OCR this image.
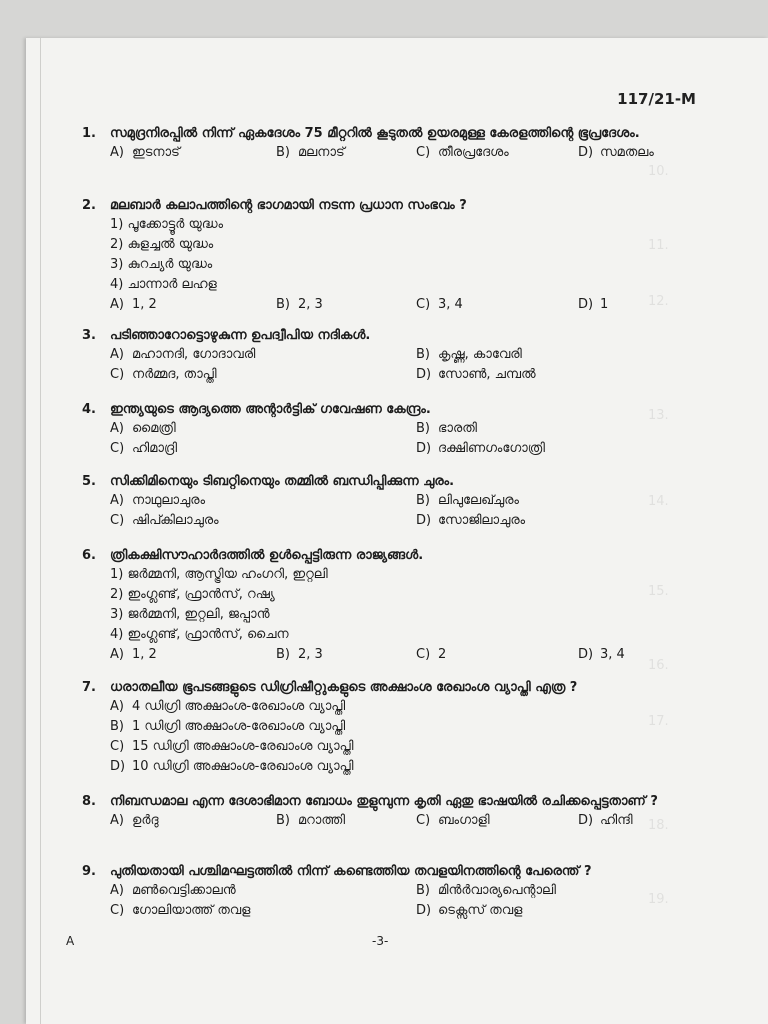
10.
11.
12.
13.
14.
15.
16.
17.
18.
19.
117/21-M
1. സമുദ്രനിരപ്പിൽ നിന്ന് ഏകദേശം 75 മീറ്ററിൽ കൂടുതൽ ഉയരമുള്ള കേരളത്തിന്റെ ഭൂപ്രദേശം.
A) ഇടനാട്	B) മലനാട്	C) തീരപ്രദേശം	D) സമതലം
2. മലബാർ കലാപത്തിന്റെ ഭാഗമായി നടന്ന പ്രധാന സംഭവം ?
1) പൂക്കോട്ടൂർ യുദ്ധം
2) കുളച്ചൽ യുദ്ധം
3) കുറച്യർ യുദ്ധം
4) ചാന്നാർ ലഹള
A) 1, 2	B) 2, 3	C) 3, 4	D) 1
3. പടിഞ്ഞാറോട്ടൊഴുകുന്ന ഉപദ്വീപിയ നദികൾ.
A) മഹാനദി, ഗോദാവരി	B) കൃഷ്ണ, കാവേരി
C) നർമ്മദ, താപ്തി	D) സോൺ, ചമ്പൽ
4. ഇന്ത്യയുടെ ആദ്യത്തെ അന്റാർട്ടിക് ഗവേഷണ കേന്ദ്രം.
A) മൈത്രി	B) ഭാരതി
C) ഹിമാദ്രി	D) ദക്ഷിണഗംഗോത്രി
5. സിക്കിമിനെയും ടിബറ്റിനെയും തമ്മിൽ ബന്ധിപ്പിക്കുന്ന ചുരം.
A) നാഥുലാചുരം	B) ലിപുലേഖ്ചുരം
C) ഷിപ്കിലാചുരം	D) സോജിലാചുരം
6. ത്രികക്ഷിസൗഹാർദത്തിൽ ഉൾപ്പെട്ടിരുന്ന രാജ്യങ്ങൾ.
1) ജർമ്മനി, ആസ്ട്രിയ ഹംഗറി, ഇറ്റലി
2) ഇംഗ്ലണ്ട്, ഫ്രാൻസ്, റഷ്യ
3) ജർമ്മനി, ഇറ്റലി, ജപ്പാൻ
4) ഇംഗ്ലണ്ട്, ഫ്രാൻസ്, ചൈന
A) 1, 2	B) 2, 3	C) 2	D) 3, 4
7. ധരാതലീയ ഭൂപടങ്ങളുടെ ഡിഗ്രിഷീറ്റുകളുടെ അക്ഷാംശ രേഖാംശ വ്യാപ്തി എത്ര ?
A) 4 ഡിഗ്രി അക്ഷാംശ-രേഖാംശ വ്യാപ്തി
B) 1 ഡിഗ്രി അക്ഷാംശ-രേഖാംശ വ്യാപ്തി
C) 15 ഡിഗ്രി അക്ഷാംശ-രേഖാംശ വ്യാപ്തി
D) 10 ഡിഗ്രി അക്ഷാംശ-രേഖാംശ വ്യാപ്തി
8. നിബന്ധമാല എന്ന ദേശാഭിമാന ബോധം തുളുമ്പുന്ന കൃതി ഏതു ഭാഷയിൽ രചിക്കപ്പെട്ടതാണ് ?
A) ഉർദു	B) മറാത്തി	C) ബംഗാളി	D) ഹിന്ദി
9. പുതിയതായി പശ്ചിമഘട്ടത്തിൽ നിന്ന് കണ്ടെത്തിയ തവളയിനത്തിന്റെ പേരെന്ത് ?
A) മൺവെട്ടിക്കാലൻ	B) മിൻർവാര്യപെന്റാലി
C) ഗോലിയാത്ത് തവള	D) ടെക്സസ് തവള
A	-3-
